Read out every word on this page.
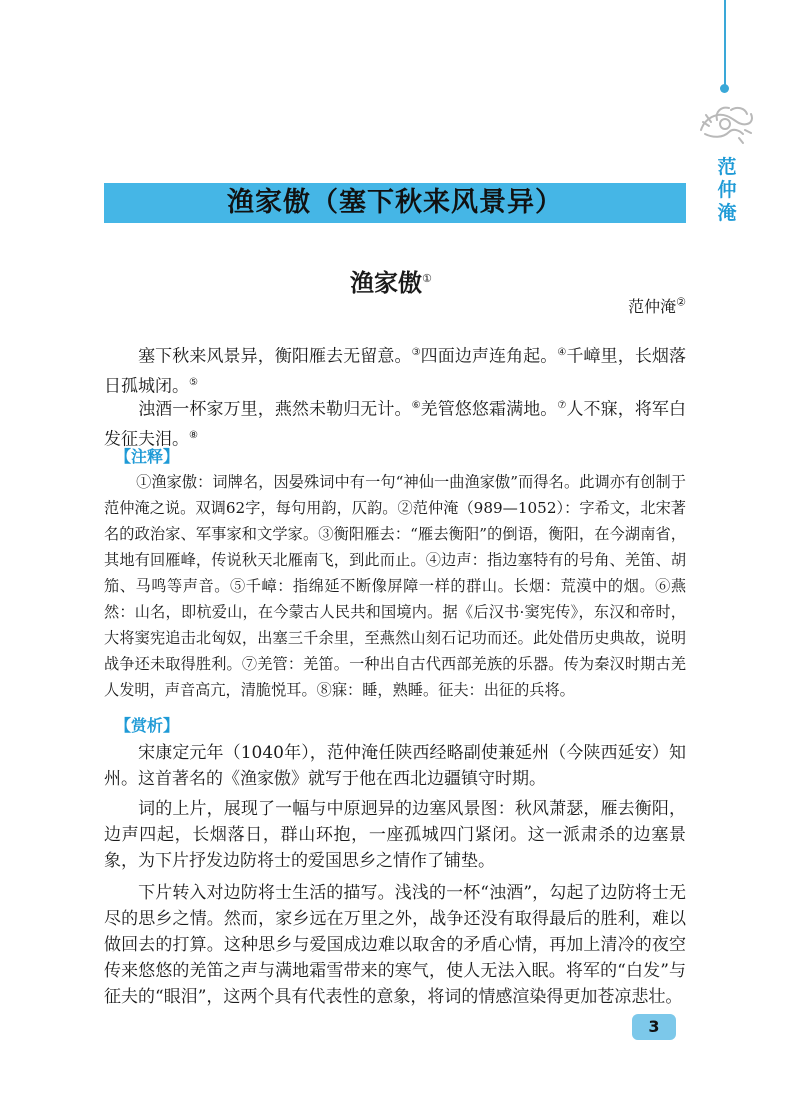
范仲淹
渔家傲（塞下秋来风景异）
渔家傲①
范仲淹②
塞下秋来风景异，衡阳雁去无留意。③四面边声连角起。④千嶂里，长烟落日孤城闭。⑤
浊酒一杯家万里，燕然未勒归无计。⑥羌管悠悠霜满地。⑦人不寐，将军白发征夫泪。⑧
【注释】
①渔家傲：词牌名，因晏殊词中有一句“神仙一曲渔家傲”而得名。此调亦有创制于范仲淹之说。双调62字，每句用韵，仄韵。②范仲淹（989—1052）：字希文，北宋著名的政治家、军事家和文学家。③衡阳雁去：“雁去衡阳”的倒语，衡阳，在今湖南省，其地有回雁峰，传说秋天北雁南飞，到此而止。④边声：指边塞特有的号角、羌笛、胡笳、马鸣等声音。⑤千嶂：指绵延不断像屏障一样的群山。长烟：荒漠中的烟。⑥燕然：山名，即杭爱山，在今蒙古人民共和国境内。据《后汉书·窦宪传》，东汉和帝时，大将窦宪追击北匈奴，出塞三千余里，至燕然山刻石记功而还。此处借历史典故，说明战争还未取得胜利。⑦羌管：羌笛。一种出自古代西部羌族的乐器。传为秦汉时期古羌人发明，声音高亢，清脆悦耳。⑧寐：睡，熟睡。征夫：出征的兵将。
【赏析】
宋康定元年（1040年），范仲淹任陕西经略副使兼延州（今陕西延安）知州。这首著名的《渔家傲》就写于他在西北边疆镇守时期。
词的上片，展现了一幅与中原迥异的边塞风景图：秋风萧瑟，雁去衡阳，边声四起，长烟落日，群山环抱，一座孤城四门紧闭。这一派肃杀的边塞景象，为下片抒发边防将士的爱国思乡之情作了铺垫。
下片转入对边防将士生活的描写。浅浅的一杯“浊酒”，勾起了边防将士无尽的思乡之情。然而，家乡远在万里之外，战争还没有取得最后的胜利，难以做回去的打算。这种思乡与爱国成边难以取舍的矛盾心情，再加上清冷的夜空传来悠悠的羌笛之声与满地霜雪带来的寒气，使人无法入眠。将军的“白发”与征夫的“眼泪”，这两个具有代表性的意象，将词的情感渲染得更加苍凉悲壮。
3
